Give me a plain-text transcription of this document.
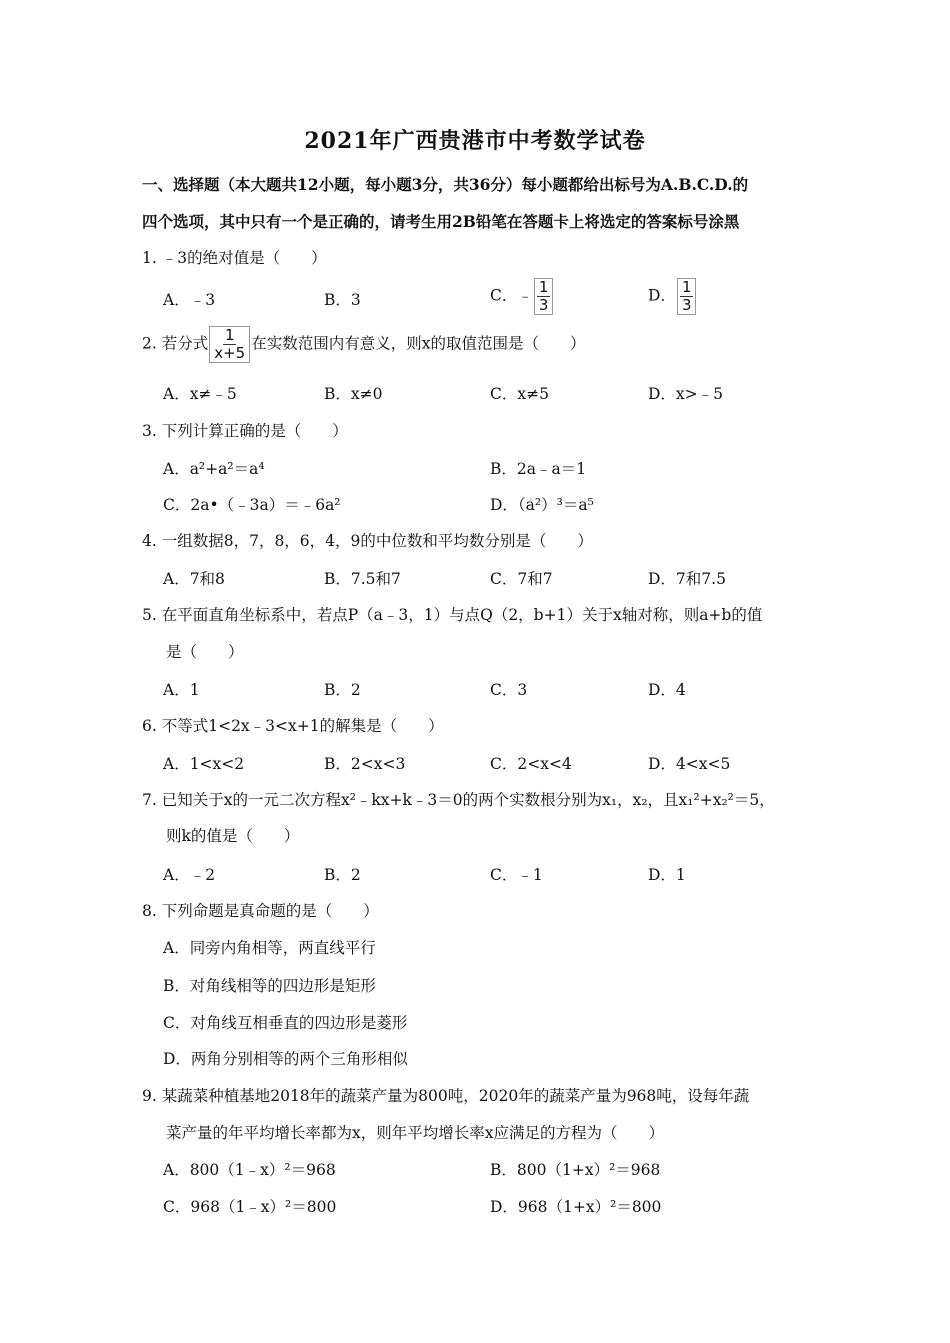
2021年广西贵港市中考数学试卷
一、选择题（本大题共12小题，每小题3分，共36分）每小题都给出标号为A.B.C.D.的
四个选项，其中只有一个是正确的，请考生用2B铅笔在答题卡上将选定的答案标号涂黑
1. ﹣3的绝对值是（　　）
A．﹣3	B．3	C．﹣ $\frac{1}{3}$	D． $\frac{1}{3}$
2. 若分式 $\frac{1}{x+5}$ 在实数范围内有意义，则x的取值范围是（　　）
A．x≠﹣5	B．x≠0	C．x≠5	D．x>﹣5
3. 下列计算正确的是（　　）
A．a²+a²＝a⁴	B．2a﹣a＝1
C．2a•（﹣3a）＝﹣6a²	D．（a²）³＝a⁵
4. 一组数据8，7，8，6，4，9的中位数和平均数分别是（　　）
A．7和8	B．7.5和7	C．7和7	D．7和7.5
5. 在平面直角坐标系中，若点P（a﹣3，1）与点Q（2，b+1）关于x轴对称，则a+b的值
是（　　）
A．1	B．2	C．3	D．4
6. 不等式1<2x﹣3<x+1的解集是（　　）
A．1<x<2	B．2<x<3	C．2<x<4	D．4<x<5
7. 已知关于x的一元二次方程x²﹣kx+k﹣3＝0的两个实数根分别为x₁，x₂，且x₁²+x₂²＝5，
则k的值是（　　）
A．﹣2	B．2	C．﹣1	D．1
8. 下列命题是真命题的是（　　）
A．同旁内角相等，两直线平行
B．对角线相等的四边形是矩形
C．对角线互相垂直的四边形是菱形
D．两角分别相等的两个三角形相似
9. 某蔬菜种植基地2018年的蔬菜产量为800吨，2020年的蔬菜产量为968吨，设每年蔬
菜产量的年平均增长率都为x，则年平均增长率x应满足的方程为（　　）
A．800（1﹣x）²＝968	B．800（1+x）²＝968
C．968（1﹣x）²＝800	D．968（1+x）²＝800
